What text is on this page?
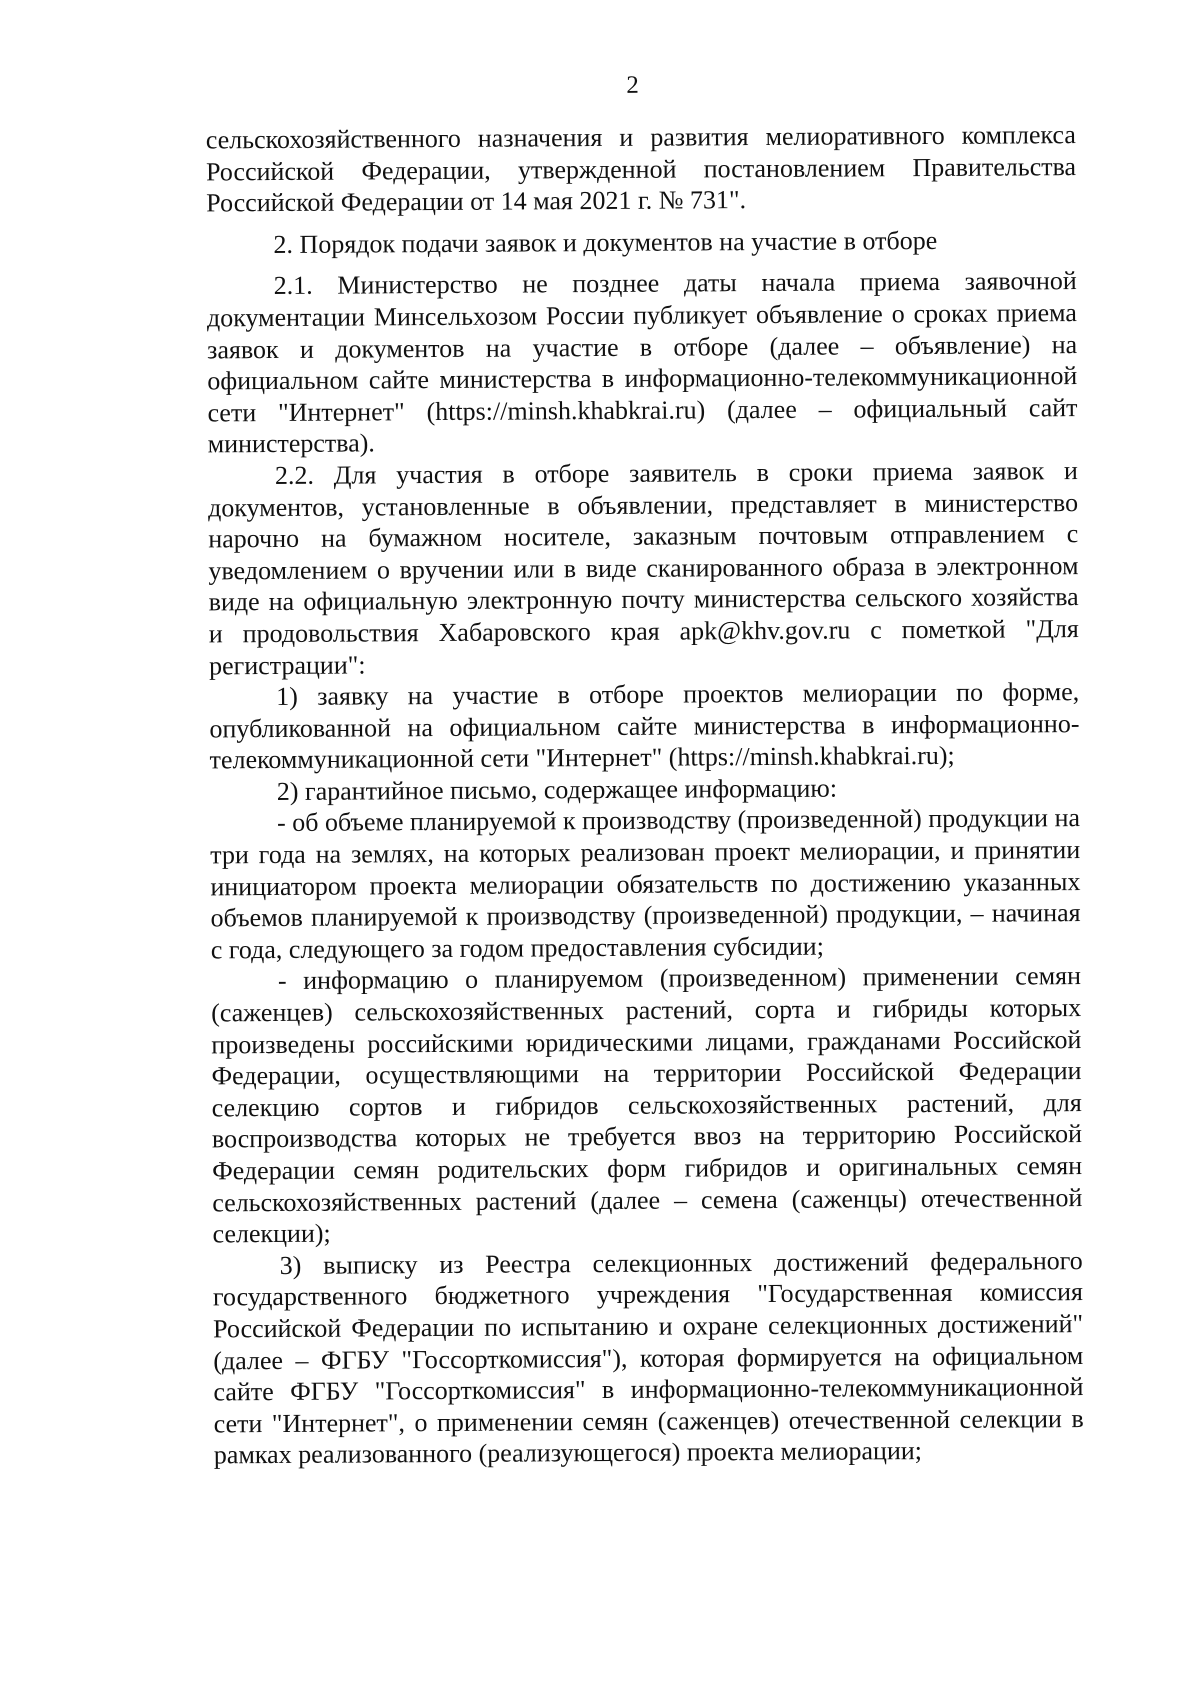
2

сельскохозяйственного назначения и развития мелиоративного комплекса Российской Федерации, утвержденной постановлением Правительства Российской Федерации от 14 мая 2021 г. № 731".

2. Порядок подачи заявок и документов на участие в отборе

2.1. Министерство не позднее даты начала приема заявочной документации Минсельхозом России публикует объявление о сроках приема заявок и документов на участие в отборе (далее – объявление) на официальном сайте министерства в информационно-телекоммуникационной сети "Интернет" (https://minsh.khabkrai.ru) (далее – официальный сайт министерства).

2.2. Для участия в отборе заявитель в сроки приема заявок и документов, установленные в объявлении, представляет в министерство нарочно на бумажном носителе, заказным почтовым отправлением с уведомлением о вручении или в виде сканированного образа в электронном виде на официальную электронную почту министерства сельского хозяйства и продовольствия Хабаровского края apk@khv.gov.ru с пометкой "Для регистрации":

1) заявку на участие в отборе проектов мелиорации по форме, опубликованной на официальном сайте министерства в информационно-телекоммуникационной сети "Интернет" (https://minsh.khabkrai.ru);

2) гарантийное письмо, содержащее информацию:

- об объеме планируемой к производству (произведенной) продукции на три года на землях, на которых реализован проект мелиорации, и принятии инициатором проекта мелиорации обязательств по достижению указанных объемов планируемой к производству (произведенной) продукции, – начиная с года, следующего за годом предоставления субсидии;

- информацию о планируемом (произведенном) применении семян (саженцев) сельскохозяйственных растений, сорта и гибриды которых произведены российскими юридическими лицами, гражданами Российской Федерации, осуществляющими на территории Российской Федерации селекцию сортов и гибридов сельскохозяйственных растений, для воспроизводства которых не требуется ввоз на территорию Российской Федерации семян родительских форм гибридов и оригинальных семян сельскохозяйственных растений (далее – семена (саженцы) отечественной селекции);

3) выписку из Реестра селекционных достижений федерального государственного бюджетного учреждения "Государственная комиссия Российской Федерации по испытанию и охране селекционных достижений" (далее – ФГБУ "Госсорткомиссия"), которая формируется на официальном сайте ФГБУ "Госсорткомиссия" в информационно-телекоммуникационной сети "Интернет", о применении семян (саженцев) отечественной селекции в рамках реализованного (реализующегося) проекта мелиорации;
